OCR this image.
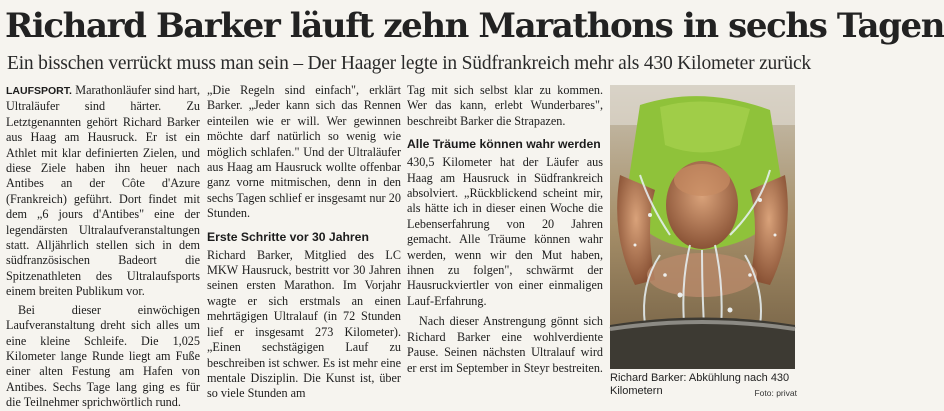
Richard Barker läuft zehn Marathons in sechs Tagen
Ein bisschen verrückt muss man sein – Der Haager legte in Südfrankreich mehr als 430 Kilometer zurück

LAUFSPORT. Marathonläufer sind hart, Ultraläufer sind härter. Zu Letztgenannten gehört Richard Barker aus Haag am Hausruck. Er ist ein Athlet mit klar definierten Zielen, und diese Ziele haben ihn heuer nach Antibes an der Côte d'Azure (Frankreich) geführt. Dort findet mit dem „6 jours d'Antibes" eine der legendärsten Ultralaufveranstaltungen statt. Alljährlich stellen sich in dem südfranzösischen Badeort die Spitzenathleten des Ultralaufsports einem breiten Publikum vor.

Bei dieser einwöchigen Laufveranstaltung dreht sich alles um eine kleine Schleife. Die 1,025 Kilometer lange Runde liegt am Fuße einer alten Festung am Hafen von Antibes. Sechs Tage lang ging es für die Teilnehmer sprichwörtlich rund.

„Die Regeln sind einfach", erklärt Barker. „Jeder kann sich das Rennen einteilen wie er will. Wer gewinnen möchte darf natürlich so wenig wie möglich schlafen." Und der Ultraläufer aus Haag am Hausruck wollte offenbar ganz vorne mitmischen, denn in den sechs Tagen schlief er insgesamt nur 20 Stunden.

Erste Schritte vor 30 Jahren

Richard Barker, Mitglied des LC MKW Hausruck, bestritt vor 30 Jahren seinen ersten Marathon. Im Vorjahr wagte er sich erstmals an einen mehrtägigen Ultralauf (in 72 Stunden lief er insgesamt 273 Kilometer). „Einen sechstägigen Lauf zu beschreiben ist schwer. Es ist mehr eine mentale Disziplin. Die Kunst ist, über so viele Stunden am

Tag mit sich selbst klar zu kommen. Wer das kann, erlebt Wunderbares", beschreibt Barker die Strapazen.

Alle Träume können wahr werden

430,5 Kilometer hat der Läufer aus Haag am Hausruck in Südfrankreich absolviert. „Rückblickend scheint mir, als hätte ich in dieser einen Woche die Lebenserfahrung von 20 Jahren gemacht. Alle Träume können wahr werden, wenn wir den Mut haben, ihnen zu folgen", schwärmt der Hausruckviertler von einer einmaligen Lauf-Erfahrung.

Nach dieser Anstrengung gönnt sich Richard Barker eine wohlverdiente Pause. Seinen nächsten Ultralauf wird er erst im September in Steyr bestreiten.

Richard Barker: Abkühlung nach 430 Kilometern	Foto: privat
